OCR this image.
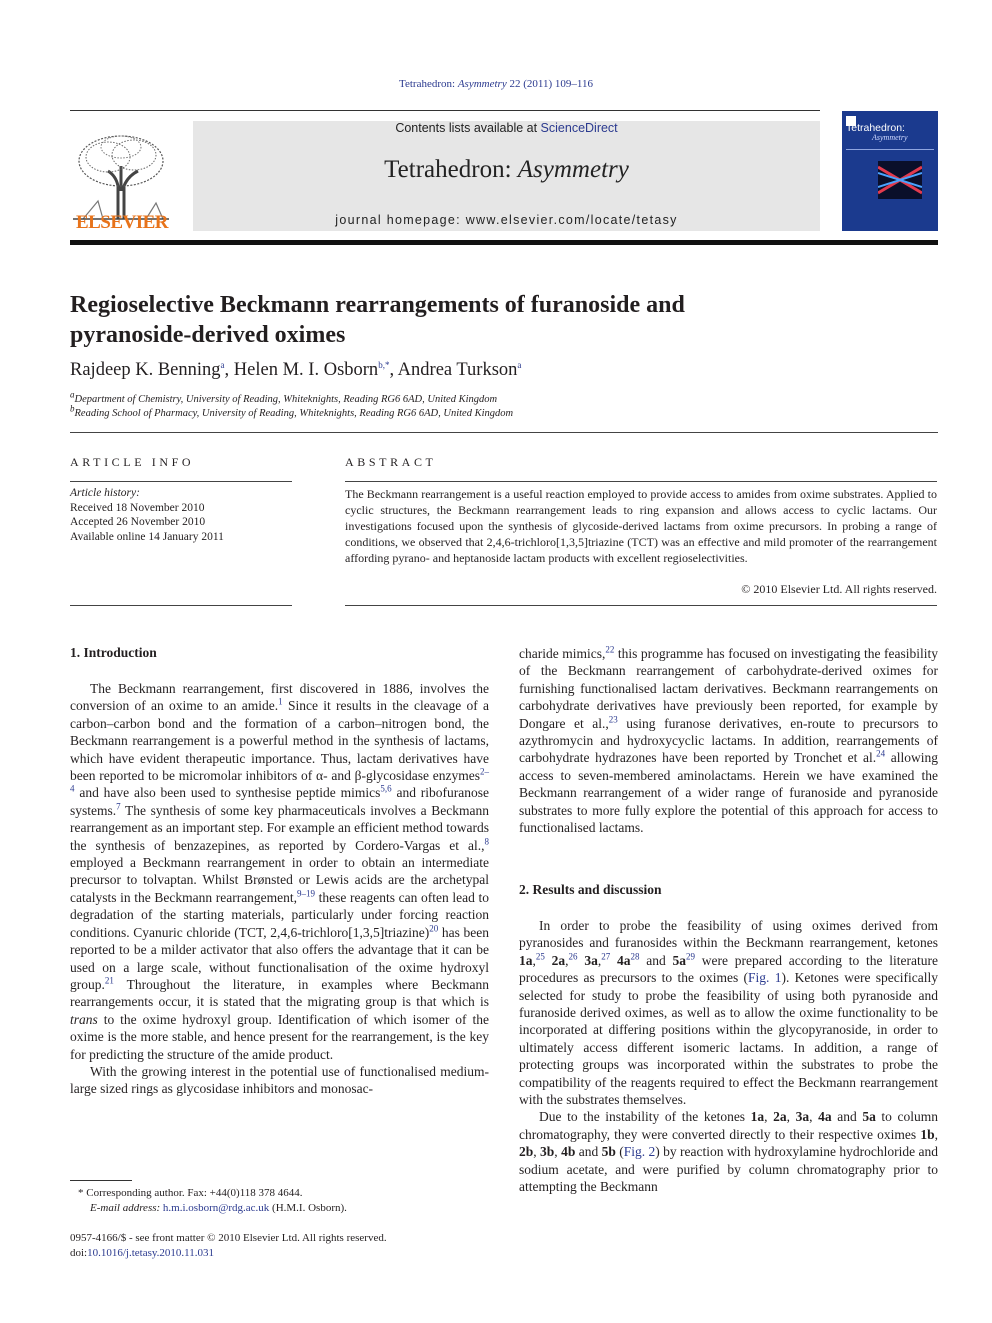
Tetrahedron: Asymmetry 22 (2011) 109–116
ELSEVIER
Contents lists available at ScienceDirect
Tetrahedron: Asymmetry
journal homepage: www.elsevier.com/locate/tetasy
Tetrahedron:
Asymmetry
Regioselective Beckmann rearrangements of furanoside and
pyranoside-derived oximes
Rajdeep K. Benning$^a$, Helen M. I. Osborn$^{b,*}$, Andrea Turkson$^a$
$^a$Department of Chemistry, University of Reading, Whiteknights, Reading RG6 6AD, United Kingdom
$^b$Reading School of Pharmacy, University of Reading, Whiteknights, Reading RG6 6AD, United Kingdom
ARTICLE INFO
Article history:
Received 18 November 2010
Accepted 26 November 2010
Available online 14 January 2011
ABSTRACT
The Beckmann rearrangement is a useful reaction employed to provide access to amides from oxime substrates. Applied to cyclic structures, the Beckmann rearrangement leads to ring expansion and allows access to cyclic lactams. Our investigations focused upon the synthesis of glycoside-derived lactams from oxime precursors. In probing a range of conditions, we observed that 2,4,6-trichloro[1,3,5]triazine (TCT) was an effective and mild promoter of the rearrangement affording pyrano- and heptanoside lactam products with excellent regioselectivities.
© 2010 Elsevier Ltd. All rights reserved.
1. Introduction

The Beckmann rearrangement, first discovered in 1886, involves the conversion of an oxime to an amide.$^1$ Since it results in the cleavage of a carbon–carbon bond and the formation of a carbon–nitrogen bond, the Beckmann rearrangement is a powerful method in the synthesis of lactams, which have evident therapeutic importance. Thus, lactam derivatives have been reported to be micromolar inhibitors of α- and β-glycosidase enzymes$^{2-4}$ and have also been used to synthesise peptide mimics$^{5,6}$ and ribofuranose systems.$^7$ The synthesis of some key pharmaceuticals involves a Beckmann rearrangement as an important step. For example an efficient method towards the synthesis of benzazepines, as reported by Cordero-Vargas et al.,$^8$ employed a Beckmann rearrangement in order to obtain an intermediate precursor to tolvaptan. Whilst Brønsted or Lewis acids are the archetypal catalysts in the Beckmann rearrangement,$^{9-19}$ these reagents can often lead to degradation of the starting materials, particularly under forcing reaction conditions. Cyanuric chloride (TCT, 2,4,6-trichloro[1,3,5]triazine)$^{20}$ has been reported to be a milder activator that also offers the advantage that it can be used on a large scale, without functionalisation of the oxime hydroxyl group.$^{21}$ Throughout the literature, in examples where Beckmann rearrangements occur, it is stated that the migrating group is that which is trans to the oxime hydroxyl group. Identification of which isomer of the oxime is the more stable, and hence present for the rearrangement, is the key for predicting the structure of the amide product.

With the growing interest in the potential use of functionalised medium-large sized rings as glycosidase inhibitors and monosac-

charide mimics,$^{22}$ this programme has focused on investigating the feasibility of the Beckmann rearrangement of carbohydrate-derived oximes for furnishing functionalised lactam derivatives. Beckmann rearrangements on carbohydrate derivatives have previously been reported, for example by Dongare et al.,$^{23}$ using furanose derivatives, en-route to precursors to azythromycin and hydroxycyclic lactams. In addition, rearrangements of carbohydrate hydrazones have been reported by Tronchet et al.$^{24}$ allowing access to seven-membered aminolactams. Herein we have examined the Beckmann rearrangement of a wider range of furanoside and pyranoside substrates to more fully explore the potential of this approach for access to functionalised lactams.

2. Results and discussion

In order to probe the feasibility of using oximes derived from pyranosides and furanosides within the Beckmann rearrangement, ketones 1a,$^{25}$ 2a,$^{26}$ 3a,$^{27}$ $4a^{28}$ and $5a^{29}$ were prepared according to the literature procedures as precursors to the oximes (Fig. 1). Ketones were specifically selected for study to probe the feasibility of using both pyranoside and furanoside derived oximes, as well as to allow the oxime functionality to be incorporated at differing positions within the glycopyranoside, in order to ultimately access different isomeric lactams. In addition, a range of protecting groups was incorporated within the substrates to probe the compatibility of the reagents required to effect the Beckmann rearrangement with the substrates themselves.

Due to the instability of the ketones 1a, 2a, 3a, 4a and 5a to column chromatography, they were converted directly to their respective oximes 1b, 2b, 3b, 4b and 5b (Fig. 2) by reaction with hydroxylamine hydrochloride and sodium acetate, and were purified by column chromatography prior to attempting the Beckmann

* Corresponding author. Fax: +44(0)118 378 4644.
E-mail address: h.m.i.osborn@rdg.ac.uk (H.M.I. Osborn).
0957-4166/$ - see front matter © 2010 Elsevier Ltd. All rights reserved.
doi:10.1016/j.tetasy.2010.11.031
